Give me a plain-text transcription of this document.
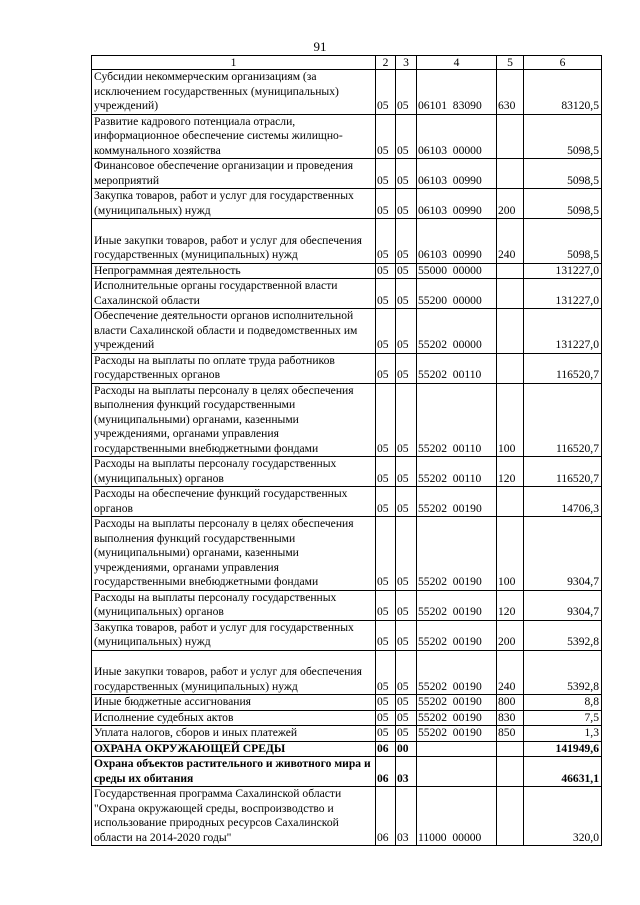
91
1	2	3	4	5	6
Субсидии некоммерческим организациям (за исключением государственных (муниципальных) учреждений)	05	05	06101  83090	630	83120,5
Развитие кадрового потенциала отрасли, информационное обеспечение системы жилищно-коммунального хозяйства	05	05	06103  00000		5098,5
Финансовое обеспечение организации и проведения мероприятий	05	05	06103  00990		5098,5
Закупка товаров, работ и услуг для государственных (муниципальных) нужд	05	05	06103  00990	200	5098,5
Иные закупки товаров, работ и услуг для обеспечения государственных (муниципальных) нужд	05	05	06103  00990	240	5098,5
Непрограммная деятельность	05	05	55000  00000		131227,0
Исполнительные органы государственной власти Сахалинской области	05	05	55200  00000		131227,0
Обеспечение деятельности органов исполнительной власти Сахалинской области и подведомственных им учреждений	05	05	55202  00000		131227,0
Расходы на выплаты по оплате труда работников государственных органов	05	05	55202  00110		116520,7
Расходы на выплаты персоналу в целях обеспечения выполнения функций государственными (муниципальными) органами, казенными учреждениями, органами управления государственными внебюджетными фондами	05	05	55202  00110	100	116520,7
Расходы на выплаты персоналу государственных (муниципальных) органов	05	05	55202  00110	120	116520,7
Расходы на обеспечение функций государственных органов	05	05	55202  00190		14706,3
Расходы на выплаты персоналу в целях обеспечения выполнения функций государственными (муниципальными) органами, казенными учреждениями, органами управления государственными внебюджетными фондами	05	05	55202  00190	100	9304,7
Расходы на выплаты персоналу государственных (муниципальных) органов	05	05	55202  00190	120	9304,7
Закупка товаров, работ и услуг для государственных (муниципальных) нужд	05	05	55202  00190	200	5392,8
Иные закупки товаров, работ и услуг для обеспечения государственных (муниципальных) нужд	05	05	55202  00190	240	5392,8
Иные бюджетные ассигнования	05	05	55202  00190	800	8,8
Исполнение судебных актов	05	05	55202  00190	830	7,5
Уплата налогов, сборов и иных платежей	05	05	55202  00190	850	1,3
ОХРАНА ОКРУЖАЮЩЕЙ СРЕДЫ	06	00			141949,6
Охрана объектов растительного и животного мира и среды их обитания	06	03			46631,1
Государственная программа Сахалинской области "Охрана окружающей среды, воспроизводство и использование природных ресурсов Сахалинской области на 2014-2020 годы"	06	03	11000  00000		320,0
